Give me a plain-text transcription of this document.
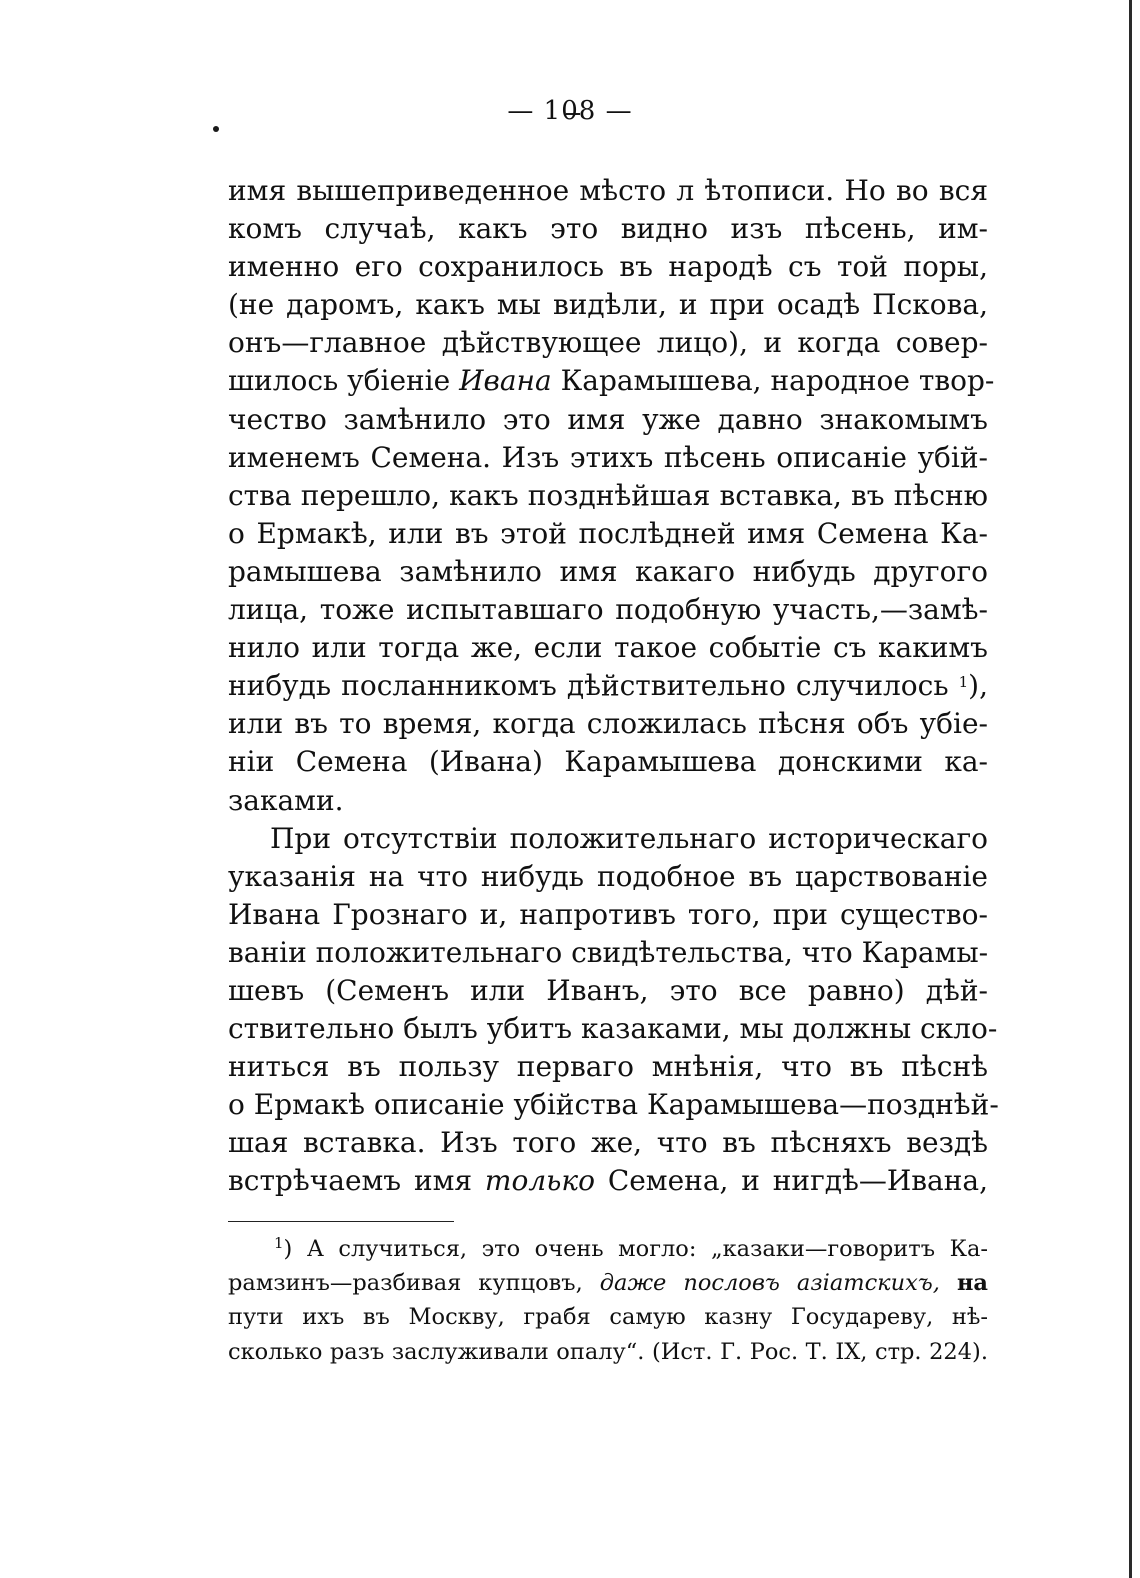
— 108 —
имя вышеприведенное мѣсто л ѣтописи. Но во вся
комъ случаѣ, какъ это видно изъ пѣсень, им-
именно его сохранилось въ народѣ съ той поры,
(не даромъ, какъ мы видѣли, и при осадѣ Пскова,
онъ—главное дѣйствующее лицо), и когда совер-
шилось убіеніе Ивана Карамышева, народное твор-
чество замѣнило это имя уже давно знакомымъ
именемъ Семена. Изъ этихъ пѣсень описаніе убій-
ства перешло, какъ позднѣйшая вставка, въ пѣсню
о Ермакѣ, или въ этой послѣдней имя Семена Ка-
рамышева замѣнило имя какаго нибудь другого
лица, тоже испытавшаго подобную участь,—замѣ-
нило или тогда же, если такое событіе съ какимъ
нибудь посланникомъ дѣйствительно случилось $^1$),
или въ то время, когда сложилась пѣсня объ убіе-
ніи Семена (Ивана) Карамышева донскими ка-
заками.
При отсутствіи положительнаго историческаго
указанія на что нибудь подобное въ царствованіе
Ивана Грознаго и, напротивъ того, при существо-
ваніи положительнаго свидѣтельства, что Карамы-
шевъ (Семенъ или Иванъ, это все равно) дѣй-
ствительно былъ убитъ казаками, мы должны скло-
ниться въ пользу перваго мнѣнія, что въ пѣснѣ
о Ермакѣ описаніе убійства Карамышева—позднѣй-
шая вставка. Изъ того же, что въ пѣсняхъ вездѣ
встрѣчаемъ имя только Семена, и нигдѣ—Ивана,
$^1$) А случиться, это очень могло: „казаки—говоритъ Ка-
рамзинъ—разбивая купцовъ, даже пословъ азіатскихъ, на
пути ихъ въ Москву, грабя самую казну Государеву, нѣ-
сколько разъ заслуживали опалу“. (Ист. Г. Рос. Т. IX, стр. 224).
